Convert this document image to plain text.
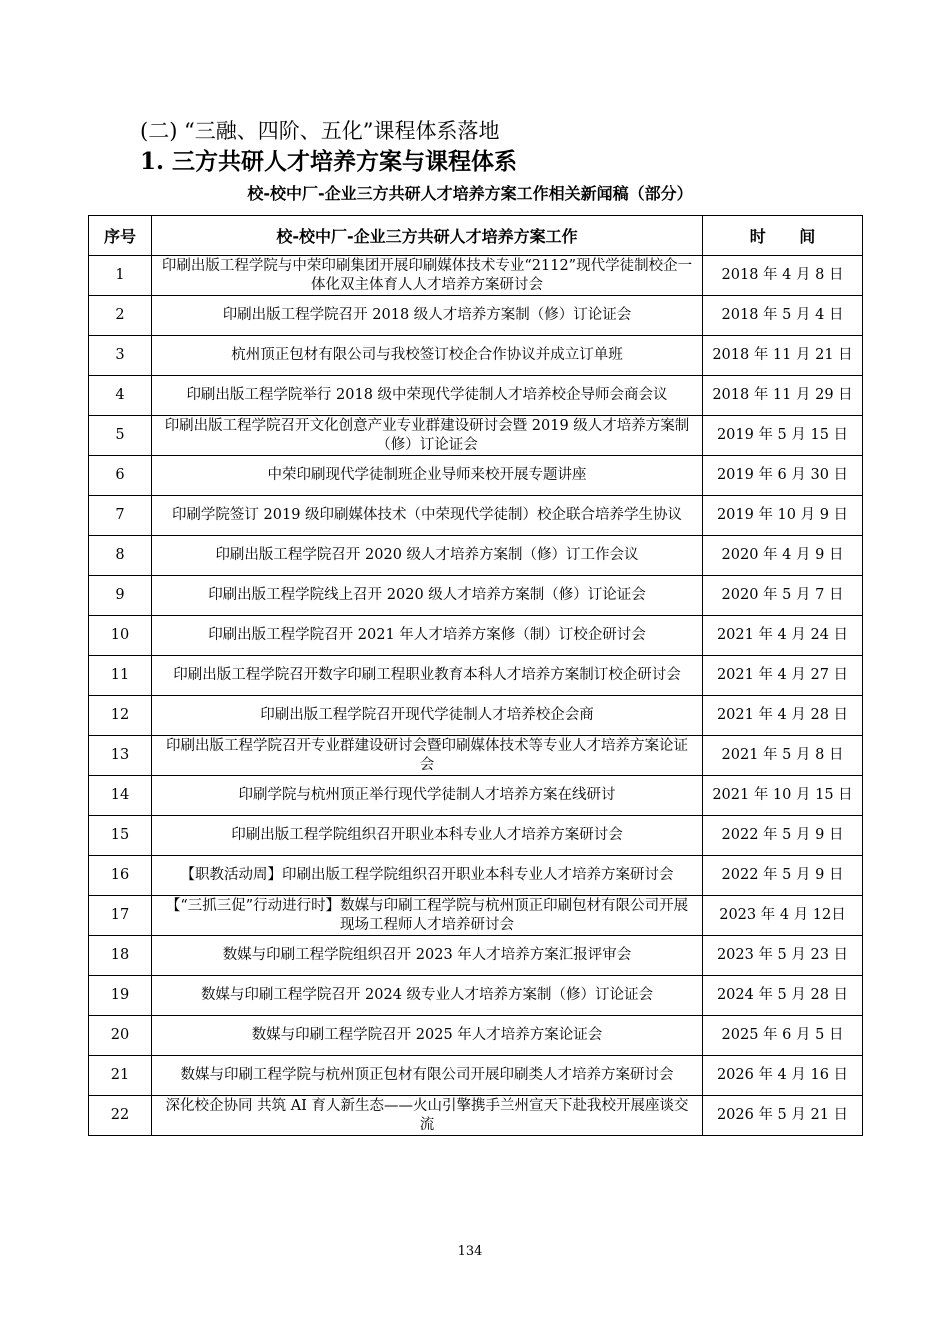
(二) “三融、四阶、五化”课程体系落地
1. 三方共研人才培养方案与课程体系
校-校中厂-企业三方共研人才培养方案工作相关新闻稿（部分）
序号	校-校中厂-企业三方共研人才培养方案工作	时 间
1	印刷出版工程学院与中荣印刷集团开展印刷媒体技术专业“2112”现代学徒制校企一体化双主体育人人才培养方案研讨会	2018 年 4 月 8 日
2	印刷出版工程学院召开 2018 级人才培养方案制（修）订论证会	2018 年 5 月 4 日
3	杭州顶正包材有限公司与我校签订校企合作协议并成立订单班	2018 年 11 月 21 日
4	印刷出版工程学院举行 2018 级中荣现代学徒制人才培养校企导师会商会议	2018 年 11 月 29 日
5	印刷出版工程学院召开文化创意产业专业群建设研讨会暨 2019 级人才培养方案制（修）订论证会	2019 年 5 月 15 日
6	中荣印刷现代学徒制班企业导师来校开展专题讲座	2019 年 6 月 30 日
7	印刷学院签订 2019 级印刷媒体技术（中荣现代学徒制）校企联合培养学生协议	2019 年 10 月 9 日
8	印刷出版工程学院召开 2020 级人才培养方案制（修）订工作会议	2020 年 4 月 9 日
9	印刷出版工程学院线上召开 2020 级人才培养方案制（修）订论证会	2020 年 5 月 7 日
10	印刷出版工程学院召开 2021 年人才培养方案修（制）订校企研讨会	2021 年 4 月 24 日
11	印刷出版工程学院召开数字印刷工程职业教育本科人才培养方案制订校企研讨会	2021 年 4 月 27 日
12	印刷出版工程学院召开现代学徒制人才培养校企会商	2021 年 4 月 28 日
13	印刷出版工程学院召开专业群建设研讨会暨印刷媒体技术等专业人才培养方案论证会	2021 年 5 月 8 日
14	印刷学院与杭州顶正举行现代学徒制人才培养方案在线研讨	2021 年 10 月 15 日
15	印刷出版工程学院组织召开职业本科专业人才培养方案研讨会	2022 年 5 月 9 日
16	【职教活动周】印刷出版工程学院组织召开职业本科专业人才培养方案研讨会	2022 年 5 月 9 日
17	【“三抓三促”行动进行时】数媒与印刷工程学院与杭州顶正印刷包材有限公司开展现场工程师人才培养研讨会	2023 年 4 月 12日
18	数媒与印刷工程学院组织召开 2023 年人才培养方案汇报评审会	2023 年 5 月 23 日
19	数媒与印刷工程学院召开 2024 级专业人才培养方案制（修）订论证会	2024 年 5 月 28 日
20	数媒与印刷工程学院召开 2025 年人才培养方案论证会	2025 年 6 月 5 日
21	数媒与印刷工程学院与杭州顶正包材有限公司开展印刷类人才培养方案研讨会	2026 年 4 月 16 日
22	深化校企协同 共筑 AI 育人新生态——火山引擎携手兰州宣天下赴我校开展座谈交流	2026 年 5 月 21 日
134
